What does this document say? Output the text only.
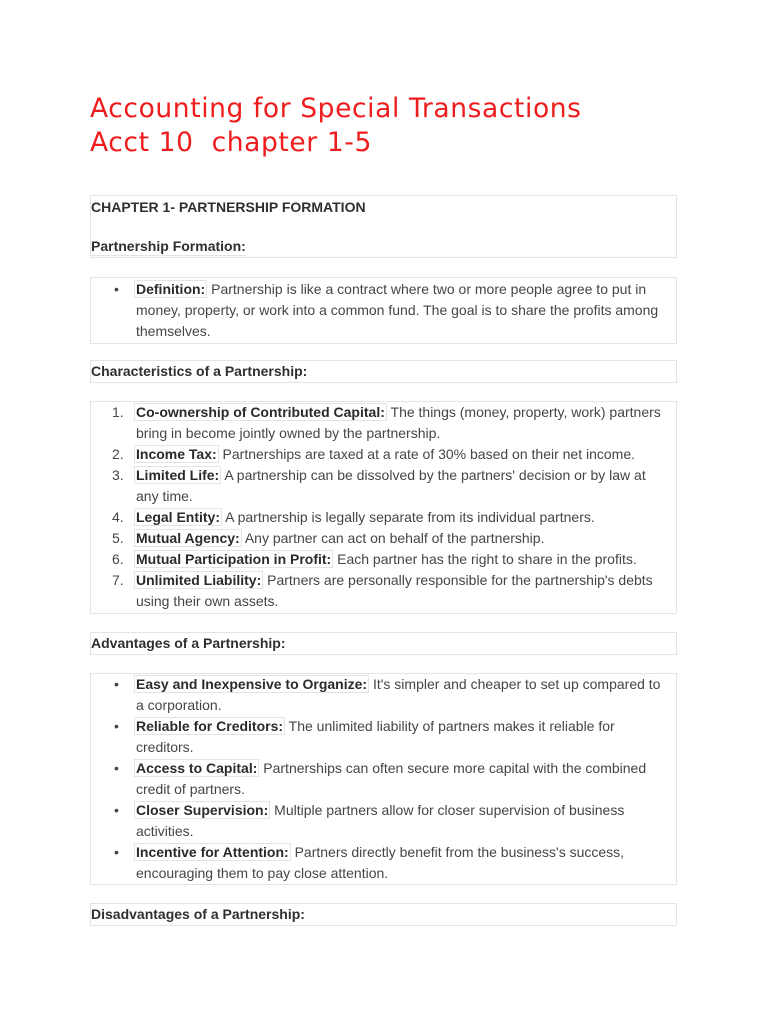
Accounting for Special Transactions
Acct 10  chapter 1-5
CHAPTER 1- PARTNERSHIP FORMATION
Partnership Formation:
•	Definition: Partnership is like a contract where two or more people agree to put in money, property, or work into a common fund. The goal is to share the profits among themselves.
Characteristics of a Partnership:
1. Co-ownership of Contributed Capital: The things (money, property, work) partners bring in become jointly owned by the partnership.
2. Income Tax: Partnerships are taxed at a rate of 30% based on their net income.
3. Limited Life: A partnership can be dissolved by the partners' decision or by law at any time.
4. Legal Entity: A partnership is legally separate from its individual partners.
5. Mutual Agency: Any partner can act on behalf of the partnership.
6. Mutual Participation in Profit: Each partner has the right to share in the profits.
7. Unlimited Liability: Partners are personally responsible for the partnership's debts using their own assets.
Advantages of a Partnership:
•	Easy and Inexpensive to Organize: It's simpler and cheaper to set up compared to a corporation.
•	Reliable for Creditors: The unlimited liability of partners makes it reliable for creditors.
•	Access to Capital: Partnerships can often secure more capital with the combined credit of partners.
•	Closer Supervision: Multiple partners allow for closer supervision of business activities.
•	Incentive for Attention: Partners directly benefit from the business's success, encouraging them to pay close attention.
Disadvantages of a Partnership:
